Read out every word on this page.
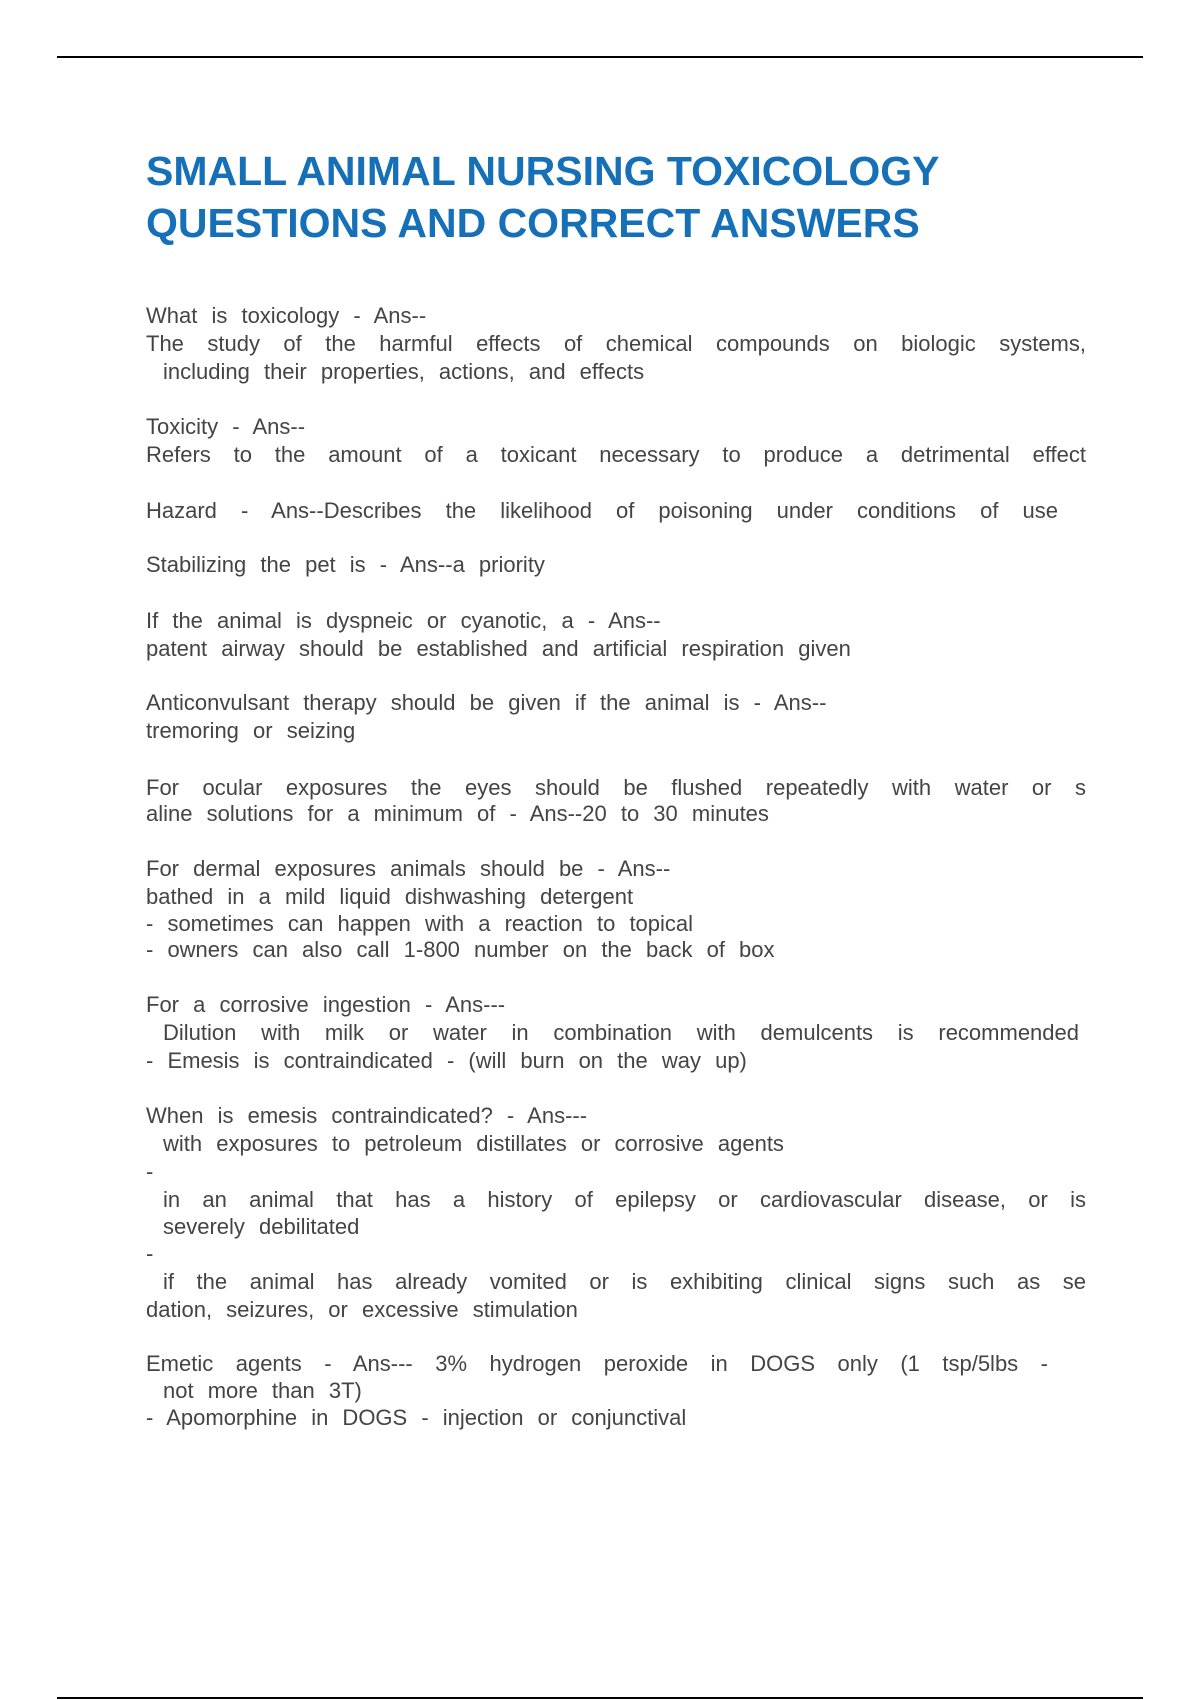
SMALL ANIMAL NURSING TOXICOLOGY
QUESTIONS AND CORRECT ANSWERS
What is toxicology - Ans--
The study of the harmful effects of chemical compounds on biologic systems,
including their properties, actions, and effects
Toxicity - Ans--
Refers to the amount of a toxicant necessary to produce a detrimental effect
Hazard - Ans--Describes the likelihood of poisoning under conditions of use
Stabilizing the pet is - Ans--a priority
If the animal is dyspneic or cyanotic, a - Ans--
patent airway should be established and artificial respiration given
Anticonvulsant therapy should be given if the animal is - Ans--
tremoring or seizing
For ocular exposures the eyes should be flushed repeatedly with water or s
aline solutions for a minimum of - Ans--20 to 30 minutes
For dermal exposures animals should be - Ans--
bathed in a mild liquid dishwashing detergent
- sometimes can happen with a reaction to topical
- owners can also call 1-800 number on the back of box
For a corrosive ingestion - Ans---
Dilution with milk or water in combination with demulcents is recommended
- Emesis is contraindicated - (will burn on the way up)
When is emesis contraindicated? - Ans---
with exposures to petroleum distillates or corrosive agents
-
in an animal that has a history of epilepsy or cardiovascular disease, or is
severely debilitated
-
if the animal has already vomited or is exhibiting clinical signs such as se
dation, seizures, or excessive stimulation
Emetic agents - Ans--- 3% hydrogen peroxide in DOGS only (1 tsp/5lbs -
not more than 3T)
- Apomorphine in DOGS - injection or conjunctival
